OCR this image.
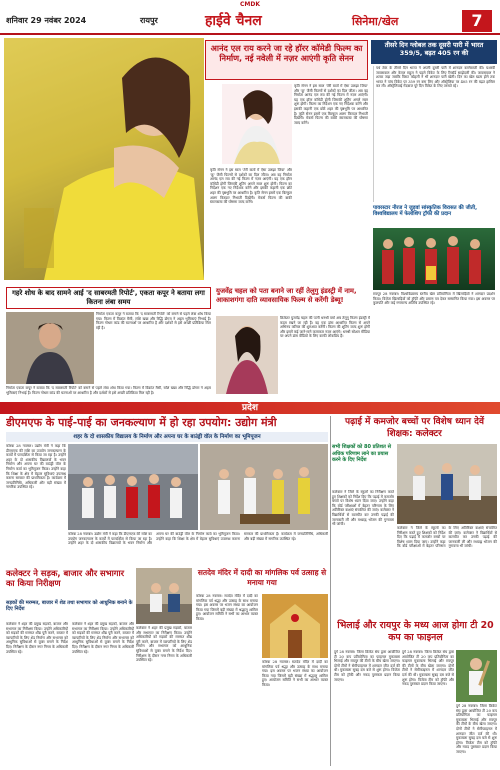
CMDK
शनिवार 29 नवंबर 2024	रायपुर	हाईवे चैनल	सिनेमा/खेल	7
आनंद एल राय करने जा रहे हॉरर कॉमेडी फिल्म का निर्माण, नई नवेली में नज़र आएंगी कृति सेनन
कृति सेनन ने इस साल 'तेरी बातों में ऐसा उलझा जिया' और 'क्रू' जैसी फिल्मों से दर्शकों का दिल जीता। अब वह निर्माता आनंद एल राय की नई फिल्म में नज़र आएंगी। यह एक हॉरर कॉमेडी होगी जिसकी शूटिंग अगले साल शुरू होगी। फिल्म का निर्देशन एक नए निर्देशक करेंगे और इसकी कहानी एक छोटे शहर की पृष्ठभूमि पर आधारित है। कृति सेनन इसमें एक बिल्कुल अलग किरदार निभाती दिखेंगी। मेकर्स फिल्म की बाकी स्टारकास्ट की घोषणा जल्द करेंगे।
कृति सेनन ने इस साल 'तेरी बातों में ऐसा उलझा जिया' और 'क्रू' जैसी फिल्मों से दर्शकों का दिल जीता। अब वह निर्माता आनंद एल राय की नई फिल्म में नज़र आएंगी। यह एक हॉरर कॉमेडी होगी जिसकी शूटिंग अगले साल शुरू होगी। फिल्म का निर्देशन एक नए निर्देशक करेंगे और इसकी कहानी एक छोटे शहर की पृष्ठभूमि पर आधारित है। कृति सेनन इसमें एक बिल्कुल अलग किरदार निभाती दिखेंगी। मेकर्स फिल्म की बाकी स्टारकास्ट की घोषणा जल्द करेंगे।
तीसरे दिन ग्लोबल तक दूसरी पारी में भारत 359/5, बढ़त 405 रन की
पर्थ टेस्ट के तीसरे दिन भारत ने अपनी दूसरी पारी में शानदार बल्लेबाजी की। यशस्वी जायसवाल और केएल राहुल ने पहले विकेट के लिए रिकॉर्ड साझेदारी की। जायसवाल ने शतक जड़ा जबकि विराट कोहली ने भी शानदार पारी खेली। दिन का खेल खत्म होने तक भारत ने पांच विकेट पर 359 रन बना लिए और ऑस्ट्रेलिया पर 405 रन की बढ़त हासिल कर ली। ऑस्ट्रेलियाई गेंदबाज पूरे दिन विकेट के लिए तरसते रहे।
पावरस्टार नीरज ने जुड़वां सांस्कृतिक विरासत की जीती, विश्वविद्यालय में फेलोशिप ट्रॉफी की प्रदान
रायपुर 28 नवम्बर। विश्वविद्यालय स्तरीय खेल प्रतियोगिता में खिलाड़ियों ने शानदार प्रदर्शन किया। विजेता खिलाड़ियों को ट्रॉफी और प्रमाण पत्र देकर सम्मानित किया गया। इस अवसर पर कुलपति और कई गणमान्य अतिथि उपस्थित रहे।
गहरे शोध के बाद सामने आई 'द साबरमती रिपोर्ट', एकता कपूर ने बताया लगा कितना लंबा समय
निर्माता एकता कपूर ने बताया कि 'द साबरमती रिपोर्ट' को बनाने से पहले लंबा शोध किया गया। फिल्म में विक्रांत मैसी, राशि खन्ना और रिद्धि डोगरा ने अहम भूमिकाएं निभाई हैं। फिल्म गोधरा कांड की घटनाओं पर आधारित है और दर्शकों से इसे अच्छी प्रतिक्रिया मिल रही है।
निर्माता एकता कपूर ने बताया कि 'द साबरमती रिपोर्ट' को बनाने से पहले लंबा शोध किया गया। फिल्म में विक्रांत मैसी, राशि खन्ना और रिद्धि डोगरा ने अहम भूमिकाएं निभाई हैं। फिल्म गोधरा कांड की घटनाओं पर आधारित है और दर्शकों से इसे अच्छी प्रतिक्रिया मिल रही है।
युजवेंद्र चहल को पता बनाने जा रहीं तेलुगु इंडस्ट्री में नाम, आकाशगंगा दाति व्यावसायिक फिल्म से करेंगी डेब्यू!
क्रिकेटर युजवेंद्र चहल की पत्नी धनश्री वर्मा अब तेलुगु फिल्म इंडस्ट्री में कदम रखने जा रही हैं। वह एक डांस आधारित फिल्म से अपने अभिनय करियर की शुरुआत करेंगी। फिल्म की शूटिंग जल्द शुरू होगी और इसमें कई जाने-माने कलाकार नज़र आएंगे। धनश्री सोशल मीडिया पर अपने डांस वीडियो के लिए काफी लोकप्रिय हैं।
प्रदेश
डीएमएफ के पाई-पाई का जनकल्याण में हो रहा उपयोग: उद्योग मंत्री
शहर के दो शासकीय विद्यालय के निर्माण और अपना घर के बाउंड्री वॉल के निर्माण का भूमिपूजन
कोरबा 28 नवम्बर। उद्योग मंत्री ने कहा कि डीएमएफ की राशि का उपयोग जनकल्याण के कार्यों में पारदर्शिता से किया जा रहा है। उन्होंने शहर के दो शासकीय विद्यालयों के भवन निर्माण और अपना घर की बाउंड्री वॉल के निर्माण कार्य का भूमिपूजन किया। उन्होंने कहा कि शिक्षा के क्षेत्र में बेहतर सुविधाएं उपलब्ध कराना सरकार की प्राथमिकता है। कार्यक्रम में जनप्रतिनिधि, अधिकारी और बड़ी संख्या में नागरिक उपस्थित रहे।
कोरबा 28 नवम्बर। उद्योग मंत्री ने कहा कि डीएमएफ की राशि का उपयोग जनकल्याण के कार्यों में पारदर्शिता से किया जा रहा है। उन्होंने शहर के दो शासकीय विद्यालयों के भवन निर्माण और अपना घर की बाउंड्री वॉल के निर्माण कार्य का भूमिपूजन किया। उन्होंने कहा कि शिक्षा के क्षेत्र में बेहतर सुविधाएं उपलब्ध कराना सरकार की प्राथमिकता है। कार्यक्रम में जनप्रतिनिधि, अधिकारी और बड़ी संख्या में नागरिक उपस्थित रहे।
पढ़ाई में कमजोर बच्चों पर विशेष ध्यान देवें शिक्षक: कलेक्टर
सभी शिक्षकों को 80 प्रतिशत से अधिक परिणाम लाने का प्रयास करने के दिए निर्देश
कलेक्टर ने जिले के स्कूलों का निरीक्षण करते हुए शिक्षकों को निर्देश दिए कि पढ़ाई में कमजोर बच्चों पर विशेष ध्यान दिया जाए। उन्होंने कहा कि बोर्ड परीक्षाओं में बेहतर परिणाम के लिए अतिरिक्त कक्षाएं संचालित की जाएं। कलेक्टर ने विद्यार्थियों से बातचीत कर उनकी पढ़ाई की जानकारी ली और मध्याह्न भोजन की गुणवत्ता भी जांची।
कलेक्टर ने जिले के स्कूलों का निरीक्षण करते हुए शिक्षकों को निर्देश दिए कि पढ़ाई में कमजोर बच्चों पर विशेष ध्यान दिया जाए। उन्होंने कहा कि बोर्ड परीक्षाओं में बेहतर परिणाम के लिए अतिरिक्त कक्षाएं संचालित की जाएं। कलेक्टर ने विद्यार्थियों से बातचीत कर उनकी पढ़ाई की जानकारी ली और मध्याह्न भोजन की गुणवत्ता भी जांची।
कलेक्टर ने सड़क, बाजार और सभागार का किया निरीक्षण
सड़कों की मरम्मत, बाजार में शेड तथा सभागार को आधुनिक बनाने के दिए निर्देश
कलेक्टर ने शहर की प्रमुख सड़कों, बाजार और सभागार का निरीक्षण किया। उन्होंने अधिकारियों को सड़कों की मरम्मत शीघ्र पूरी करने, बाजार में व्यापारियों के लिए शेड निर्माण और सभागार को आधुनिक सुविधाओं से युक्त बनाने के निर्देश दिए। निरीक्षण के दौरान नगर निगम के अधिकारी उपस्थित रहे।
कलेक्टर ने शहर की प्रमुख सड़कों, बाजार और सभागार का निरीक्षण किया। उन्होंने अधिकारियों को सड़कों की मरम्मत शीघ्र पूरी करने, बाजार में व्यापारियों के लिए शेड निर्माण और सभागार को आधुनिक सुविधाओं से युक्त बनाने के निर्देश दिए। निरीक्षण के दौरान नगर निगम के अधिकारी उपस्थित रहे।
कलेक्टर ने शहर की प्रमुख सड़कों, बाजार और सभागार का निरीक्षण किया। उन्होंने अधिकारियों को सड़कों की मरम्मत शीघ्र पूरी करने, बाजार में व्यापारियों के लिए शेड निर्माण और सभागार को आधुनिक सुविधाओं से युक्त बनाने के निर्देश दिए। निरीक्षण के दौरान नगर निगम के अधिकारी उपस्थित रहे।
सतदेव मंदिर में दादी का मांगलिक पर्व उत्साह से मनाया गया
कोरबा 28 नवम्बर। सतदेव मंदिर में दादी का मांगलिक पर्व श्रद्धा और उत्साह के साथ मनाया गया। इस अवसर पर भजन संध्या का आयोजन किया गया जिसमें बड़ी संख्या में श्रद्धालु शामिल हुए। आयोजन समिति ने सभी का आभार व्यक्त किया।
कोरबा 28 नवम्बर। सतदेव मंदिर में दादी का मांगलिक पर्व श्रद्धा और उत्साह के साथ मनाया गया। इस अवसर पर भजन संध्या का आयोजन किया गया जिसमें बड़ी संख्या में श्रद्धालु शामिल हुए। आयोजन समिति ने सभी का आभार व्यक्त किया।
भिलाई और रायपुर के मध्य आज होगा टी 20 कप का फाइनल
दुर्ग 28 नवम्बर। जिला क्रिकेट संघ द्वारा आयोजित टी 20 कप प्रतियोगिता का फाइनल मुकाबला भिलाई और रायपुर की टीमों के बीच खेला जाएगा। दोनों टीमों ने सेमीफाइनल में शानदार जीत दर्ज की थी। मुकाबला सुबह दस बजे से शुरू होगा। विजेता टीम को ट्रॉफी और नकद पुरस्कार प्रदान किया जाएगा।
दुर्ग 28 नवम्बर। जिला क्रिकेट संघ द्वारा आयोजित टी 20 कप प्रतियोगिता का फाइनल मुकाबला भिलाई और रायपुर की टीमों के बीच खेला जाएगा। दोनों टीमों ने सेमीफाइनल में शानदार जीत दर्ज की थी। मुकाबला सुबह दस बजे से शुरू होगा। विजेता टीम को ट्रॉफी और नकद पुरस्कार प्रदान किया जाएगा।
दुर्ग 28 नवम्बर। जिला क्रिकेट संघ द्वारा आयोजित टी 20 कप प्रतियोगिता का फाइनल मुकाबला भिलाई और रायपुर की टीमों के बीच खेला जाएगा। दोनों टीमों ने सेमीफाइनल में शानदार जीत दर्ज की थी। मुकाबला सुबह दस बजे से शुरू होगा। विजेता टीम को ट्रॉफी और नकद पुरस्कार प्रदान किया जाएगा।
